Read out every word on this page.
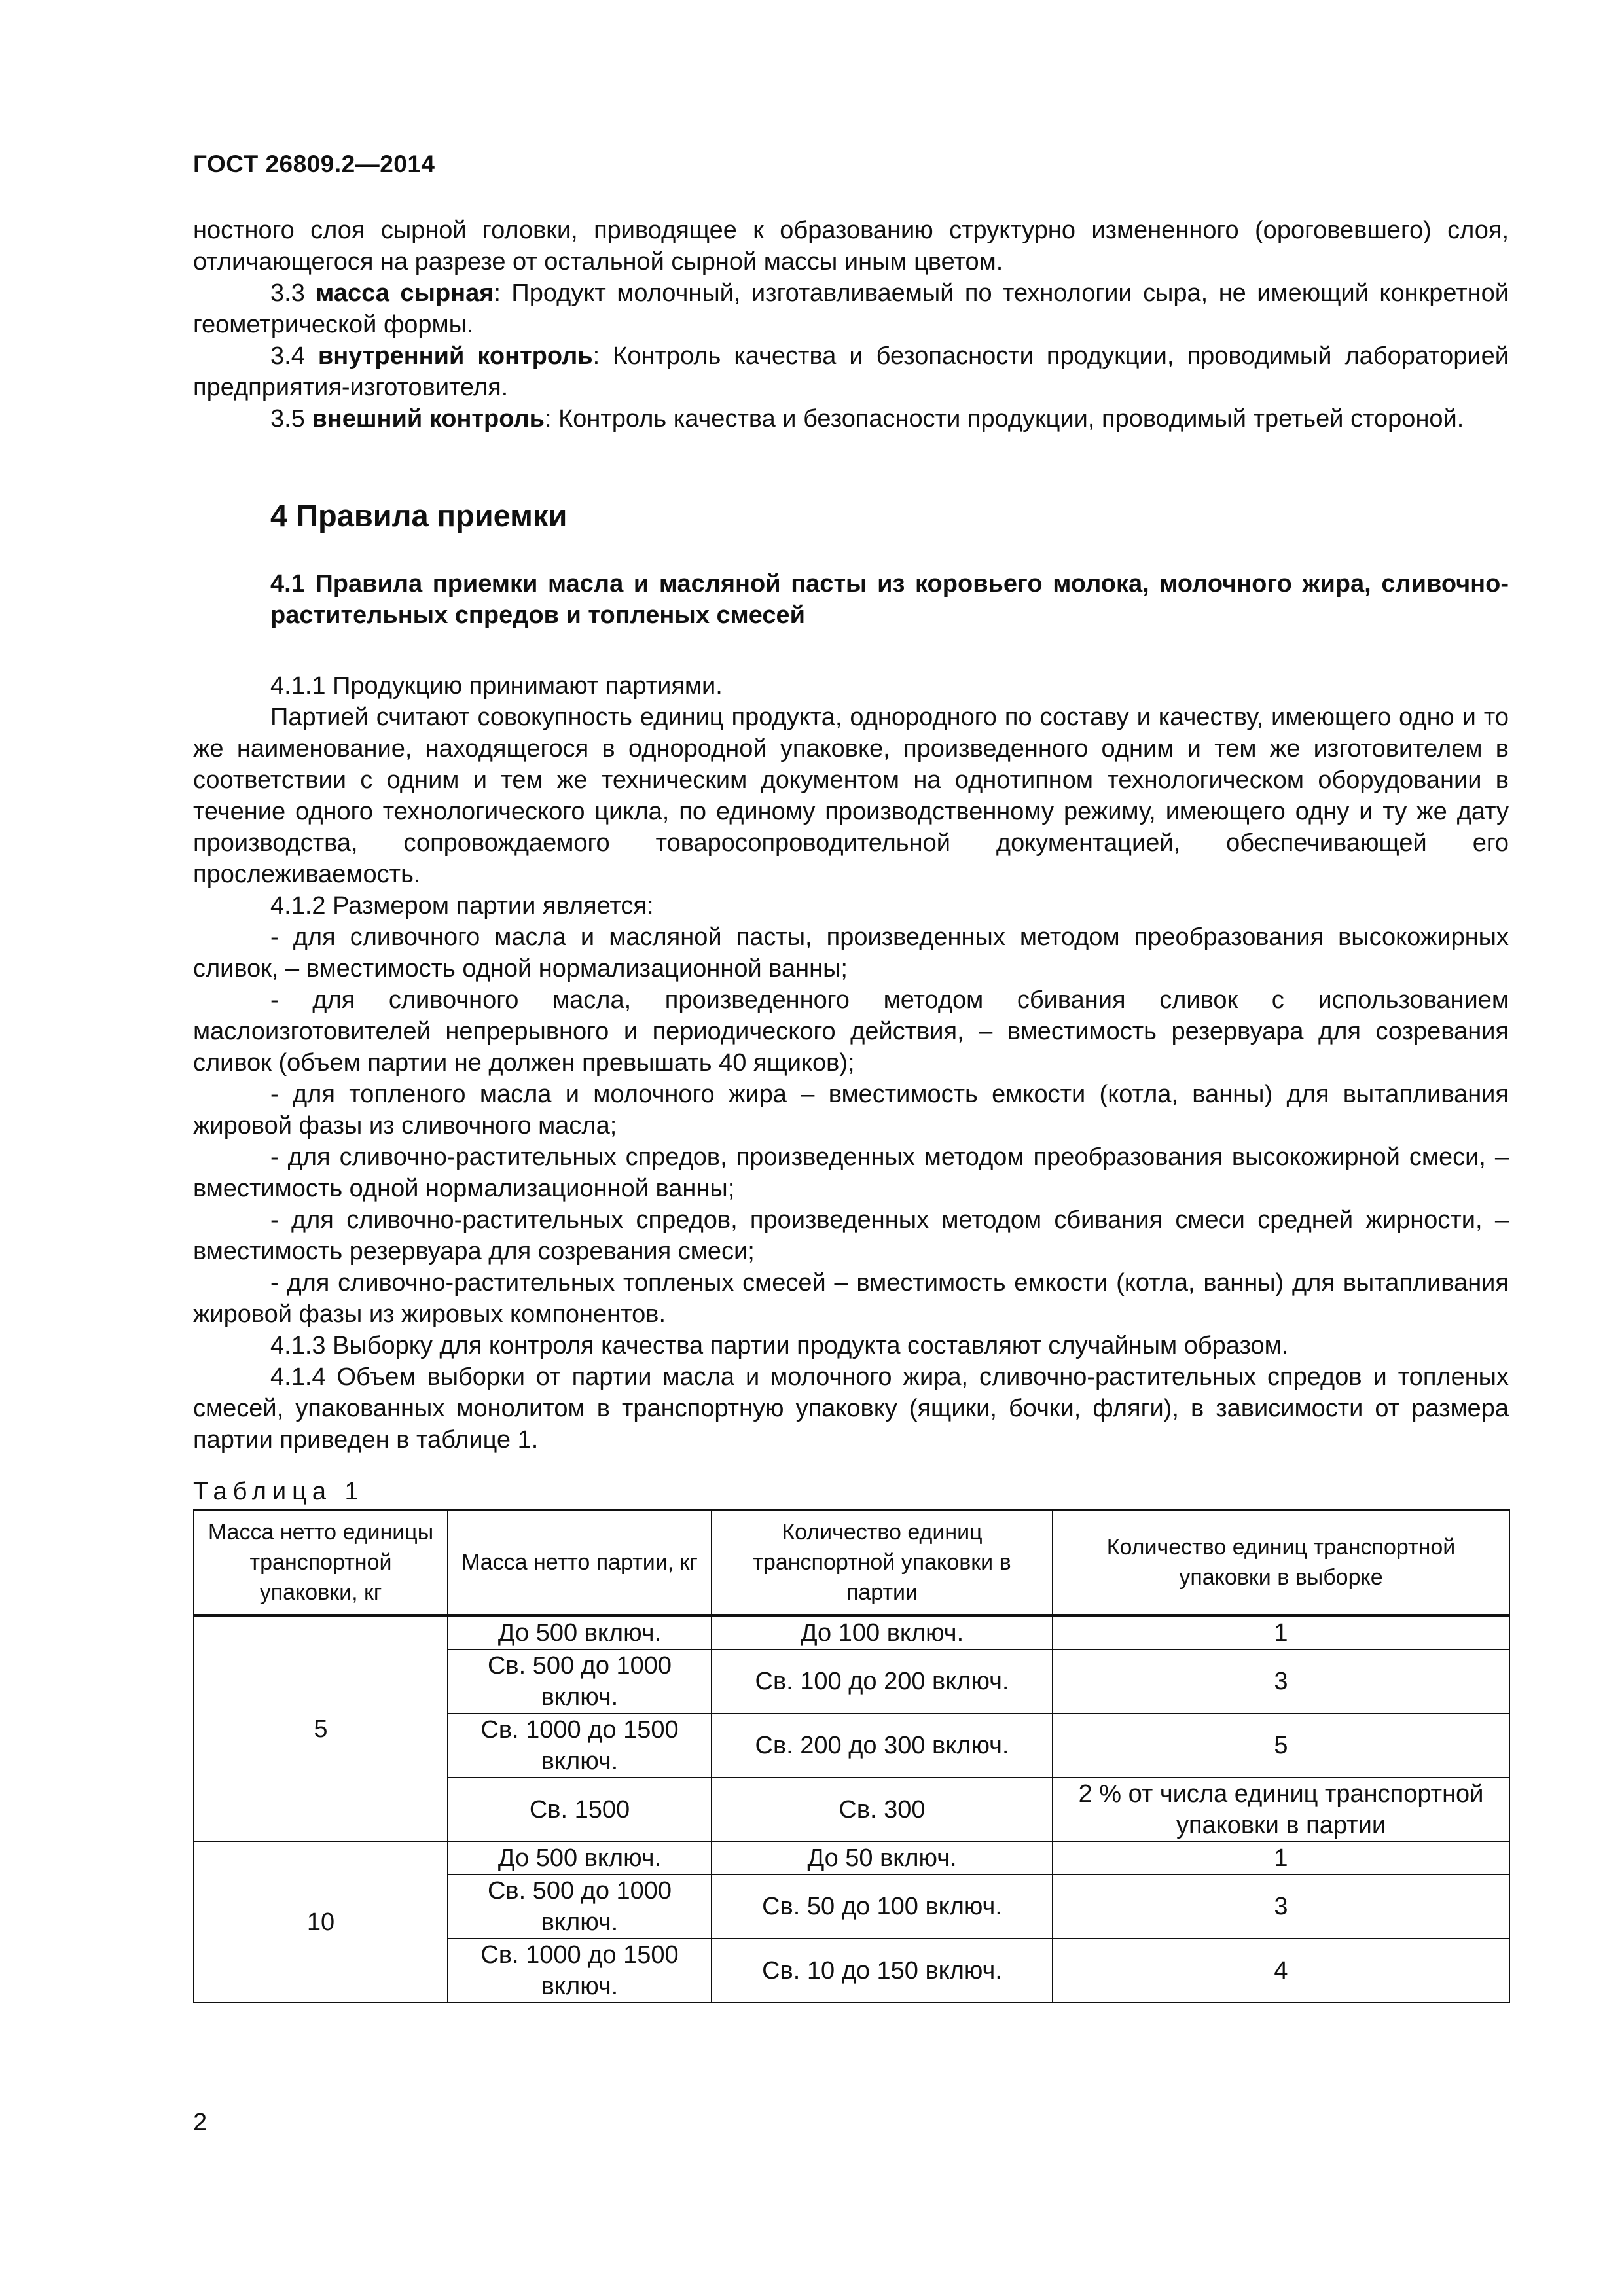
ГОСТ 26809.2—2014

ностного слоя сырной головки, приводящее к образованию структурно измененного (ороговевшего) слоя, отличающегося на разрезе от остальной сырной массы иным цветом.

3.3 масса сырная: Продукт молочный, изготавливаемый по технологии сыра, не имеющий конкретной геометрической формы.

3.4 внутренний контроль: Контроль качества и безопасности продукции, проводимый лабораторией предприятия-изготовителя.

3.5 внешний контроль: Контроль качества и безопасности продукции, проводимый третьей стороной.

4 Правила приемки
4.1 Правила приемки масла и масляной пасты из коровьего молока, молочного жира, сливочно-растительных спредов и топленых смесей

4.1.1 Продукцию принимают партиями.

Партией считают совокупность единиц продукта, однородного по составу и качеству, имеющего одно и то же наименование, находящегося в однородной упаковке, произведенного одним и тем же изготовителем в соответствии с одним и тем же техническим документом на однотипном технологическом оборудовании в течение одного технологического цикла, по единому производственному режиму, имеющего одну и ту же дату производства, сопровождаемого товаросопроводительной документацией, обеспечивающей его прослеживаемость.

4.1.2 Размером партии является:

- для сливочного масла и масляной пасты, произведенных методом преобразования высокожирных сливок, – вместимость одной нормализационной ванны;

- для сливочного масла, произведенного методом сбивания сливок с использованием маслоизготовителей непрерывного и периодического действия, – вместимость резервуара для созревания сливок (объем партии не должен превышать 40 ящиков);

- для топленого масла и молочного жира – вместимость емкости (котла, ванны) для вытапливания жировой фазы из сливочного масла;

- для сливочно-растительных спредов, произведенных методом преобразования высокожирной смеси, – вместимость одной нормализационной ванны;

- для сливочно-растительных спредов, произведенных методом сбивания смеси средней жирности, – вместимость резервуара для созревания смеси;

- для сливочно-растительных топленых смесей – вместимость емкости (котла, ванны) для вытапливания жировой фазы из жировых компонентов.

4.1.3 Выборку для контроля качества партии продукта составляют случайным образом.

4.1.4 Объем выборки от партии масла и молочного жира, сливочно-растительных спредов и топленых смесей, упакованных монолитом в транспортную упаковку (ящики, бочки, фляги), в зависимости от размера партии приведен в таблице 1.

Таблица 1
Масса нетто единицы транспортной упаковки, кг	Масса нетто партии, кг	Количество единиц транспортной упаковки в партии	Количество единиц транспортной упаковки в выборке
5	До 500 включ.	До 100 включ.	1
	Св. 500 до 1000 включ.	Св. 100 до 200 включ.	3
	Св. 1000 до 1500 включ.	Св. 200 до 300 включ.	5
	Св. 1500	Св. 300	2 % от числа единиц транспортной упаковки в партии
10	До 500 включ.	До 50 включ.	1
	Св. 500 до 1000 включ.	Св. 50 до 100 включ.	3
	Св. 1000 до 1500 включ.	Св. 10 до 150 включ.	4
2
